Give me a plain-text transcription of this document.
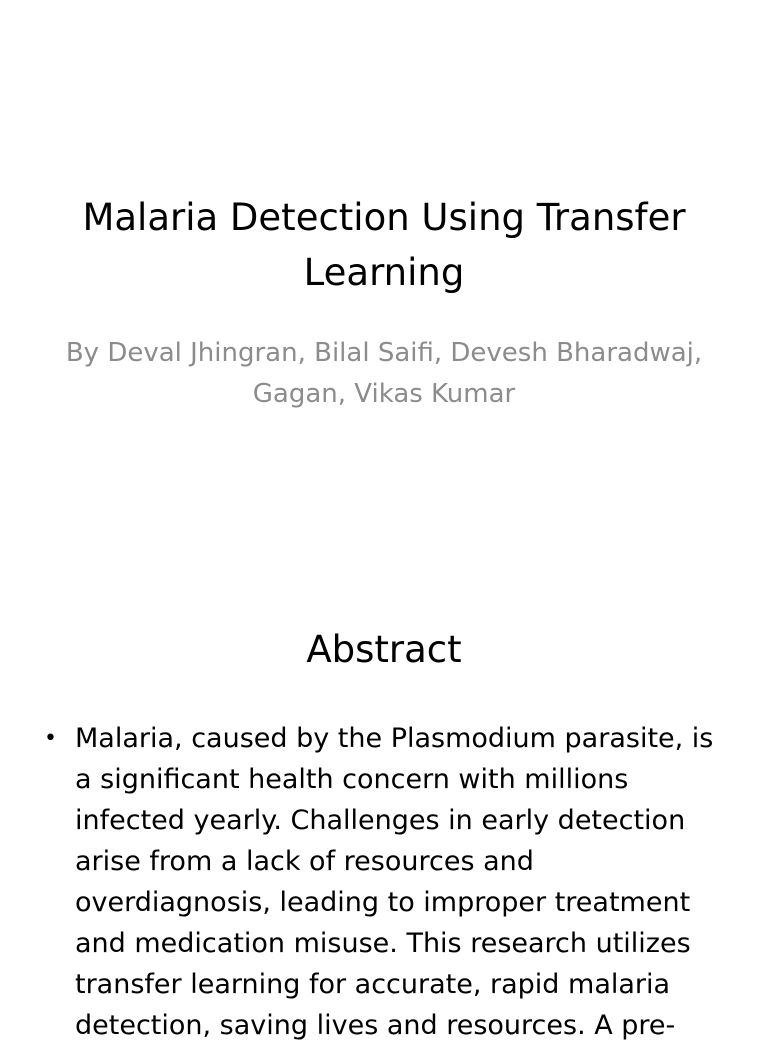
Malaria Detection Using Transfer Learning

By Deval Jhingran, Bilal Saifi, Devesh Bharadwaj, Gagan, Vikas Kumar

Abstract
• Malaria, caused by the Plasmodium parasite, is a significant health concern with millions infected yearly. Challenges in early detection arise from a lack of resources and overdiagnosis, leading to improper treatment and medication misuse. This research utilizes transfer learning for accurate, rapid malaria detection, saving lives and resources. A pre-
